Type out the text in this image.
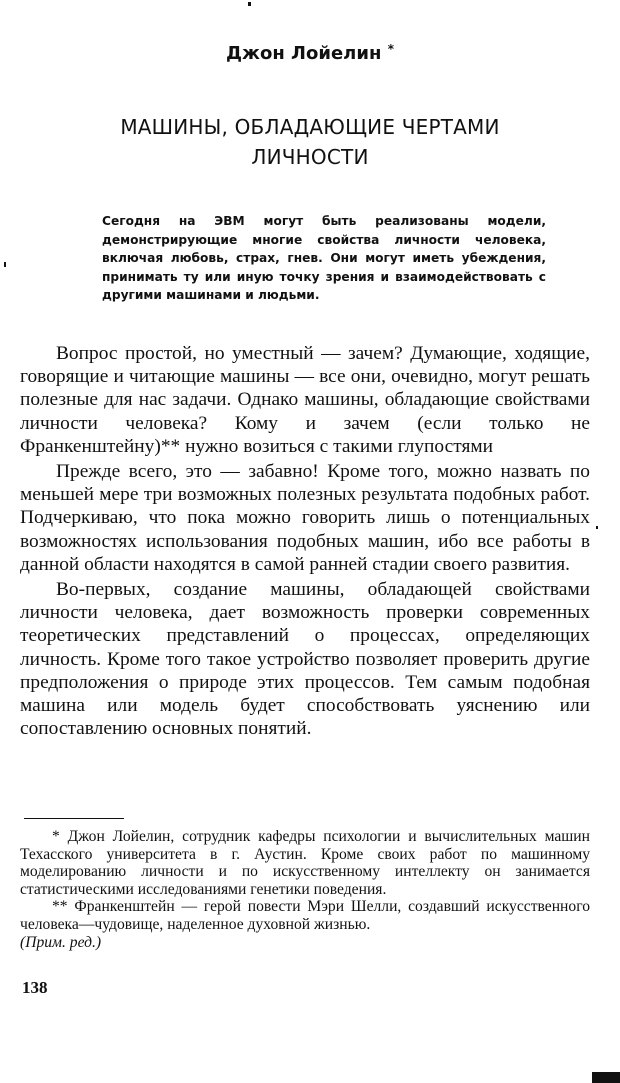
Джон Лойелин *
МАШИНЫ, ОБЛАДАЮЩИЕ ЧЕРТАМИ
ЛИЧНОСТИ
Сегодня на ЭВМ могут быть реализованы модели, демонстрирующие многие свойства личности человека, включая любовь, страх, гнев. Они могут иметь убеждения, принимать ту или иную точку зрения и взаимодействовать с другими машинами и людьми.

Вопрос простой, но уместный — зачем? Думающие, ходящие, говорящие и читающие машины — все они, очевидно, могут решать полезные для нас задачи. Однако машины, обладающие свойствами личности человека? Кому и зачем (если только не Франкенштейну)** нужно возиться с такими глупостями

Прежде всего, это — забавно! Кроме того, можно назвать по меньшей мере три возможных полезных результата подобных работ. Подчеркиваю, что пока можно говорить лишь о потенциальных возможностях использования подобных машин, ибо все работы в данной области находятся в самой ранней стадии своего развития.

Во-первых, создание машины, обладающей свойствами личности человека, дает возможность проверки современных теоретических представлений о процессах, определяющих личность. Кроме того такое устройство позволяет проверить другие предположения о природе этих процессов. Тем самым подобная машина или модель будет способствовать уяснению или сопоставлению основных понятий.

* Джон Лойелин, сотрудник кафедры психологии и вычислительных машин Техасского университета в г. Аустин. Кроме своих работ по машинному моделированию личности и по искусственному интеллекту он занимается статистическими исследованиями генетики поведения.

** Франкенштейн — герой повести Мэри Шелли, создавший искусственного человека—чудовище, наделенное духовной жизнью.

(Прим. ред.)

138
